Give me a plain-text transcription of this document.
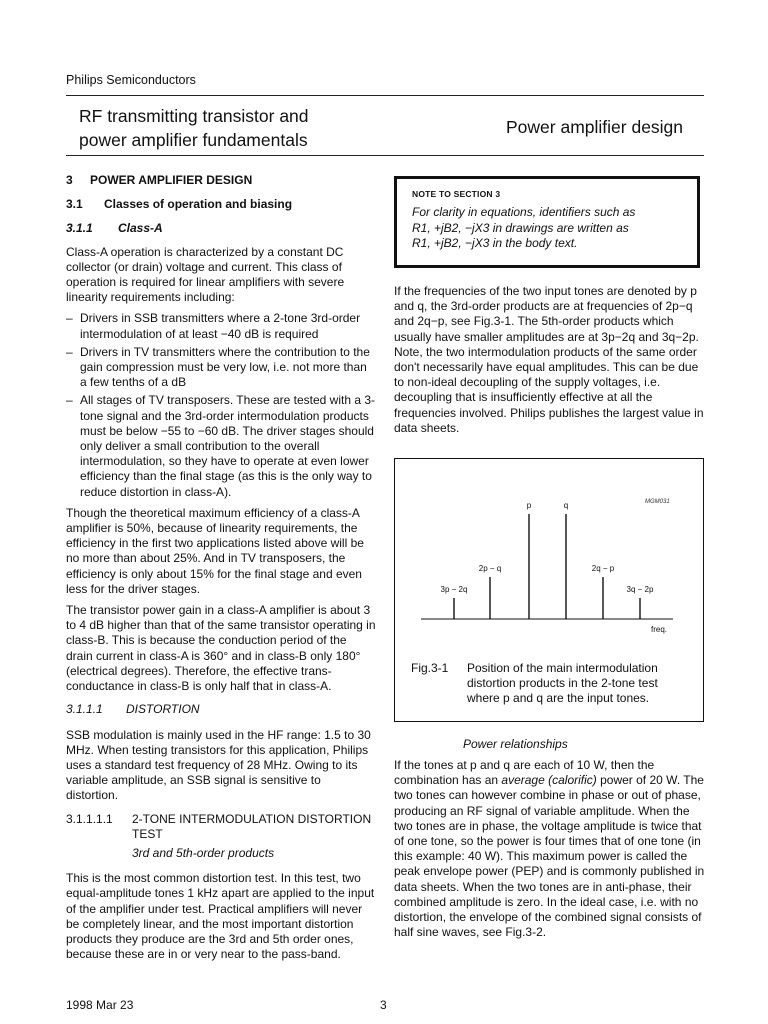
Philips Semiconductors
RF transmitting transistor and
power amplifier fundamentals
Power amplifier design
3 POWER AMPLIFIER DESIGN
3.1 Classes of operation and biasing
3.1.1 Class-A

Class-A operation is characterized by a constant DC collector (or drain) voltage and current. This class of operation is required for linear amplifiers with severe linearity requirements including:

– Drivers in SSB transmitters where a 2-tone 3rd-order intermodulation of at least −40 dB is required
– Drivers in TV transmitters where the contribution to the gain compression must be very low, i.e. not more than a few tenths of a dB
– All stages of TV transposers. These are tested with a 3-tone signal and the 3rd-order intermodulation products must be below −55 to −60 dB. The driver stages should only deliver a small contribution to the overall intermodulation, so they have to operate at even lower efficiency than the final stage (as this is the only way to reduce distortion in class-A).

Though the theoretical maximum efficiency of a class-A amplifier is 50%, because of linearity requirements, the efficiency in the first two applications listed above will be no more than about 25%. And in TV transposers, the efficiency is only about 15% for the final stage and even less for the driver stages.

The transistor power gain in a class-A amplifier is about 3 to 4 dB higher than that of the same transistor operating in class-B. This is because the conduction period of the drain current in class-A is 360° and in class-B only 180° (electrical degrees). Therefore, the effective trans-conductance in class-B is only half that in class-A.

3.1.1.1 DISTORTION

SSB modulation is mainly used in the HF range: 1.5 to 30 MHz. When testing transistors for this application, Philips uses a standard test frequency of 28 MHz. Owing to its variable amplitude, an SSB signal is sensitive to distortion.

3.1.1.1.1	2-TONE INTERMODULATION DISTORTION TEST
3rd and 5th-order products

This is the most common distortion test. In this test, two equal-amplitude tones 1 kHz apart are applied to the input of the amplifier under test. Practical amplifiers will never be completely linear, and the most important distortion products they produce are the 3rd and 5th order ones, because these are in or very near to the pass-band.

NOTE TO SECTION 3
For clarity in equations, identifiers such as
R1, +jB2, −jX3 in drawings are written as
R1, +jB2, −jX3 in the body text.
If the frequencies of the two input tones are denoted by p and q, the 3rd-order products are at frequencies of 2p−q and 2q−p, see Fig.3-1. The 5th-order products which usually have smaller amplitudes are at 3p−2q and 3q−2p. Note, the two intermodulation products of the same order don't necessarily have equal amplitudes. This can be due to non-ideal decoupling of the supply voltages, i.e. decoupling that is insufficiently effective at all the frequencies involved. Philips publishes the largest value in data sheets.
MGM031
freq.
3p − 2q
2p − q
p	q
2q − p
3q − 2p
Fig.3-1	Position of the main intermodulation distortion products in the 2-tone test where p and q are the input tones.
Power relationships
If the tones at p and q are each of 10 W, then the combination has an average (calorific) power of 20 W. The two tones can however combine in phase or out of phase, producing an RF signal of variable amplitude. When the two tones are in phase, the voltage amplitude is twice that of one tone, so the power is four times that of one tone (in this example: 40 W). This maximum power is called the peak envelope power (PEP) and is commonly published in data sheets. When the two tones are in anti-phase, their combined amplitude is zero. In the ideal case, i.e. with no distortion, the envelope of the combined signal consists of half sine waves, see Fig.3-2.
1998 Mar 23	3
